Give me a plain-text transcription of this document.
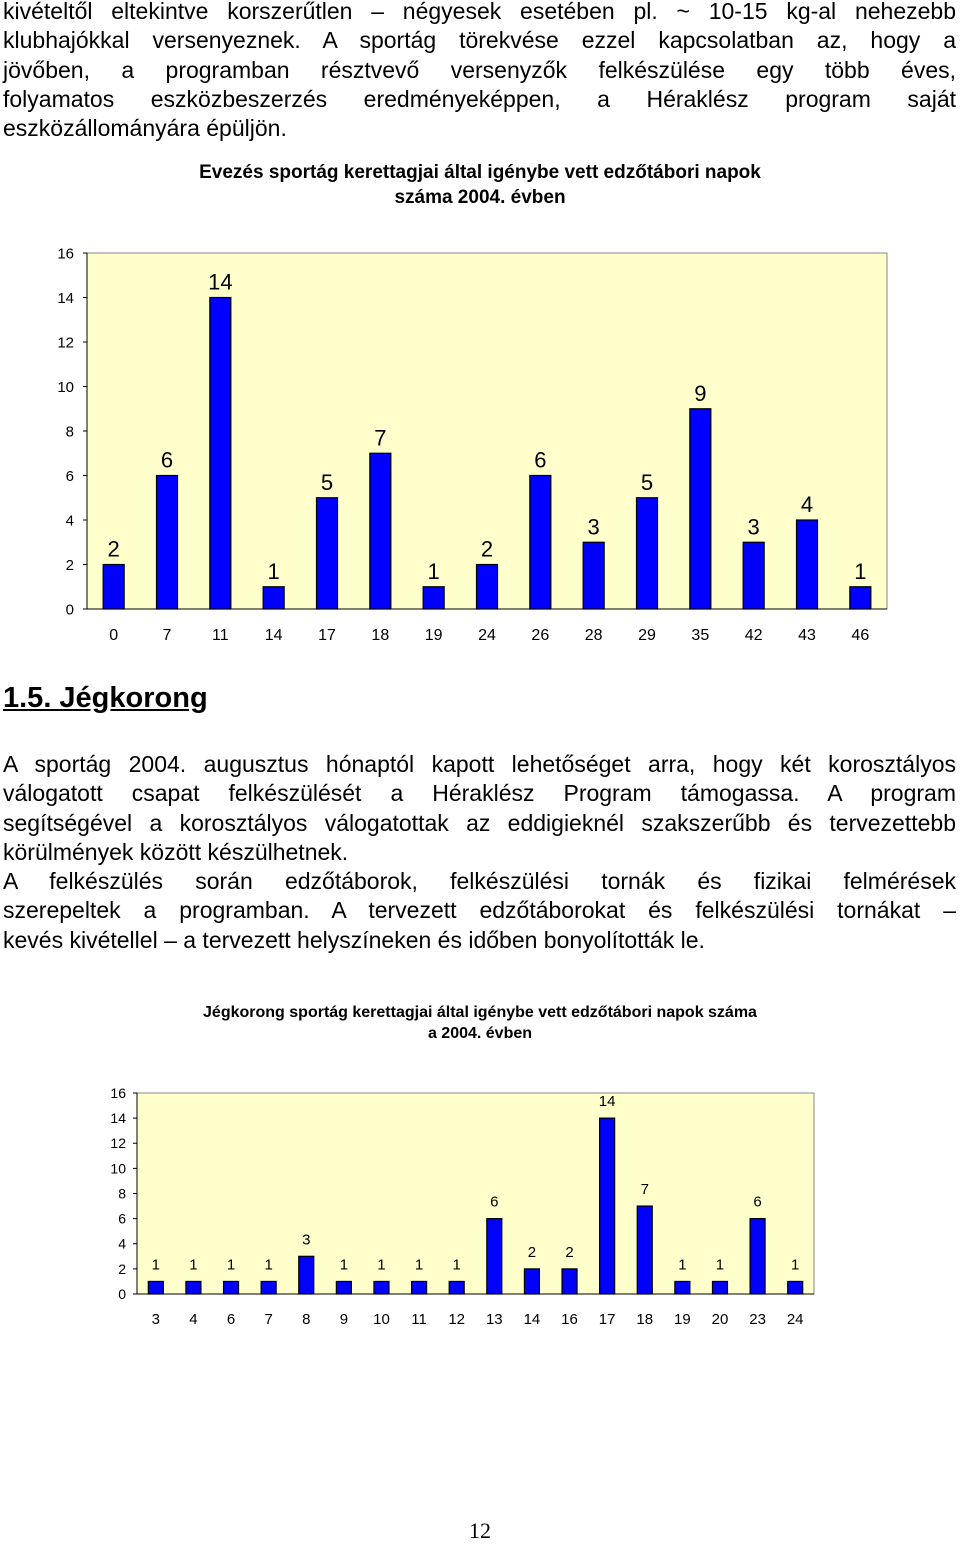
kivételtől eltekintve korszerűtlen – négyesek esetében pl. ~ 10-15 kg-al nehezebb
klubhajókkal versenyeznek. A sportág törekvése ezzel kapcsolatban az, hogy a
jövőben, a programban résztvevő versenyzők felkészülése egy több éves,
folyamatos eszközbeszerzés eredményeképpen, a Héraklész program saját
eszközállományára épüljön.
Evezés sportág kerettagjai által igénybe vett edzőtábori napok
száma 2004. évben
0
2
4
6
8
10
12
14
16
2
0
6
7
14
11
1
14
5
17
7
18
1
19
2
24
6
26
3
28
5
29
9
35
3
42
4
43
1
46
1.5. Jégkorong
A sportág 2004. augusztus hónaptól kapott lehetőséget arra, hogy két korosztályos
válogatott csapat felkészülését a Héraklész Program támogassa. A program
segítségével a korosztályos válogatottak az eddigieknél szakszerűbb és tervezettebb
körülmények között készülhetnek.
A felkészülés során edzőtáborok, felkészülési tornák és fizikai felmérések
szerepeltek a programban. A tervezett edzőtáborokat és felkészülési tornákat –
kevés kivétellel – a tervezett helyszíneken és időben bonyolították le.
Jégkorong sportág kerettagjai által igénybe vett edzőtábori napok száma
a 2004. évben
0
2
4
6
8
10
12
14
16
1
3
1
4
1
6
1
7
3
8
1
9
1
10
1
11
1
12
6
13
2
14
2
16
14
17
7
18
1
19
1
20
6
23
1
24
12
